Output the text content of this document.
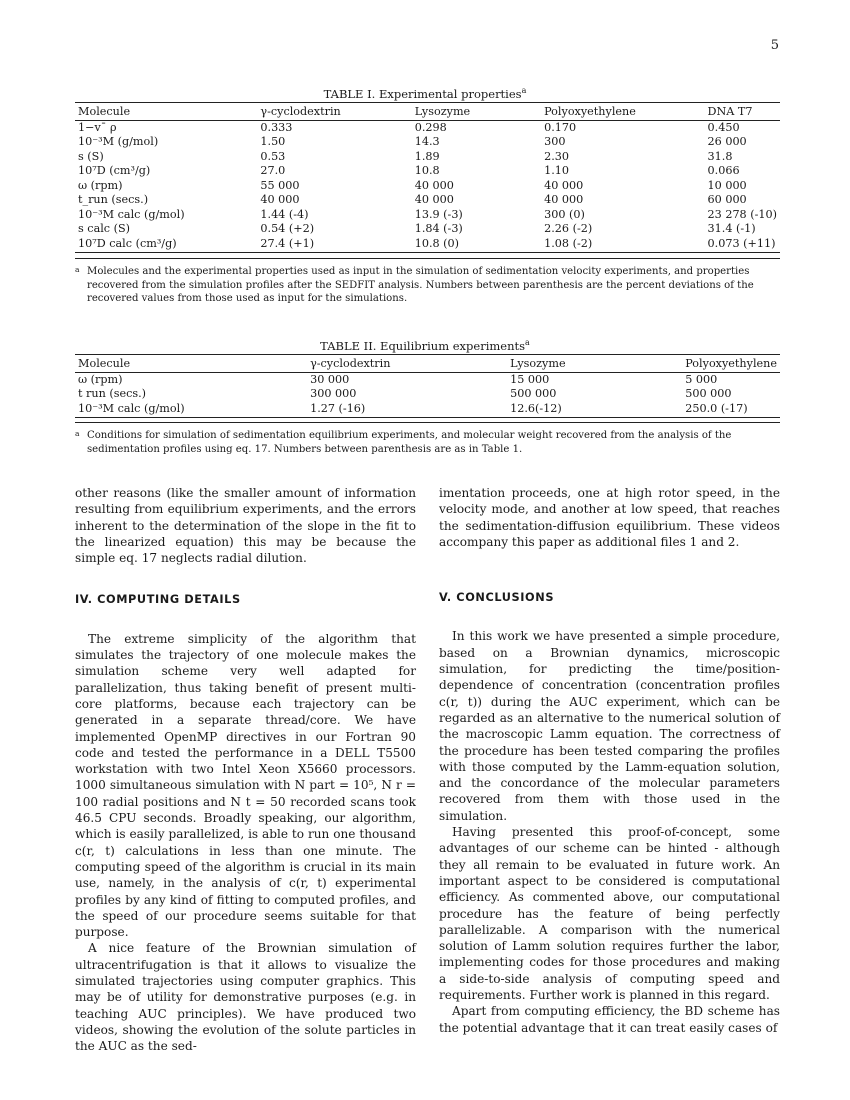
5
TABLE I. Experimental properties$^a$
Molecule	γ-cyclodextrin	Lysozyme	Polyoxyethylene	DNA T7
1−v¯ ρ	0.333	0.298	0.170	0.450
10⁻³M (g/mol)	1.50	14.3	300	26 000
s (S)	0.53	1.89	2.30	31.8
10⁷D (cm³/g)	27.0	10.8	1.10	0.066
ω (rpm)	55 000	40 000	40 000	10 000
t_run (secs.)	40 000	40 000	40 000	60 000
10⁻³M calc (g/mol)	1.44 (-4)	13.9 (-3)	300 (0)	23 278 (-10)
s calc (S)	0.54 (+2)	1.84 (-3)	2.26 (-2)	31.4 (-1)
10⁷D calc (cm³/g)	27.4 (+1)	10.8 (0)	1.08 (-2)	0.073 (+11)
a Molecules and the experimental properties used as input in the simulation of sedimentation velocity experiments, and properties recovered from the simulation profiles after the SEDFIT analysis. Numbers between parenthesis are the percent deviations of the recovered values from those used as input for the simulations.
TABLE II. Equilibrium experiments$^a$
Molecule	γ-cyclodextrin	Lysozyme	Polyoxyethylene
ω (rpm)	30 000	15 000	5 000
t run (secs.)	300 000	500 000	500 000
10⁻³M calc (g/mol)	1.27 (-16)	12.6(-12)	250.0 (-17)
a Conditions for simulation of sedimentation equilibrium experiments, and molecular weight recovered from the analysis of the sedimentation profiles using eq. 17. Numbers between parenthesis are as in Table 1.

other reasons (like the smaller amount of information resulting from equilibrium experiments, and the errors inherent to the determination of the slope in the fit to the linearized equation) this may be because the simple eq. 17 neglects radial dilution.

IV. COMPUTING DETAILS

The extreme simplicity of the algorithm that simulates the trajectory of one molecule makes the simulation scheme very well adapted for parallelization, thus taking benefit of present multi-core platforms, because each trajectory can be generated in a separate thread/core. We have implemented OpenMP directives in our Fortran 90 code and tested the performance in a DELL T5500 workstation with two Intel Xeon X5660 processors. 1000 simultaneous simulation with N part = 10⁵, N r = 100 radial positions and N t = 50 recorded scans took 46.5 CPU seconds. Broadly speaking, our algorithm, which is easily parallelized, is able to run one thousand c(r, t) calculations in less than one minute. The computing speed of the algorithm is crucial in its main use, namely, in the analysis of c(r, t) experimental profiles by any kind of fitting to computed profiles, and the speed of our procedure seems suitable for that purpose.

A nice feature of the Brownian simulation of ultracentrifugation is that it allows to visualize the simulated trajectories using computer graphics. This may be of utility for demonstrative purposes (e.g. in teaching AUC principles). We have produced two videos, showing the evolution of the solute particles in the AUC as the sed-

imentation proceeds, one at high rotor speed, in the velocity mode, and another at low speed, that reaches the sedimentation-diffusion equilibrium. These videos accompany this paper as additional files 1 and 2.

V. CONCLUSIONS

In this work we have presented a simple procedure, based on a Brownian dynamics, microscopic simulation, for predicting the time/position-dependence of concentration (concentration profiles c(r, t)) during the AUC experiment, which can be regarded as an alternative to the numerical solution of the macroscopic Lamm equation. The correctness of the procedure has been tested comparing the profiles with those computed by the Lamm-equation solution, and the concordance of the molecular parameters recovered from them with those used in the simulation.

Having presented this proof-of-concept, some advantages of our scheme can be hinted - although they all remain to be evaluated in future work. An important aspect to be considered is computational efficiency. As commented above, our computational procedure has the feature of being perfectly parallelizable. A comparison with the numerical solution of Lamm solution requires further the labor, implementing codes for those procedures and making a side-to-side analysis of computing speed and requirements. Further work is planned in this regard.

Apart from computing efficiency, the BD scheme has the potential advantage that it can treat easily cases of
